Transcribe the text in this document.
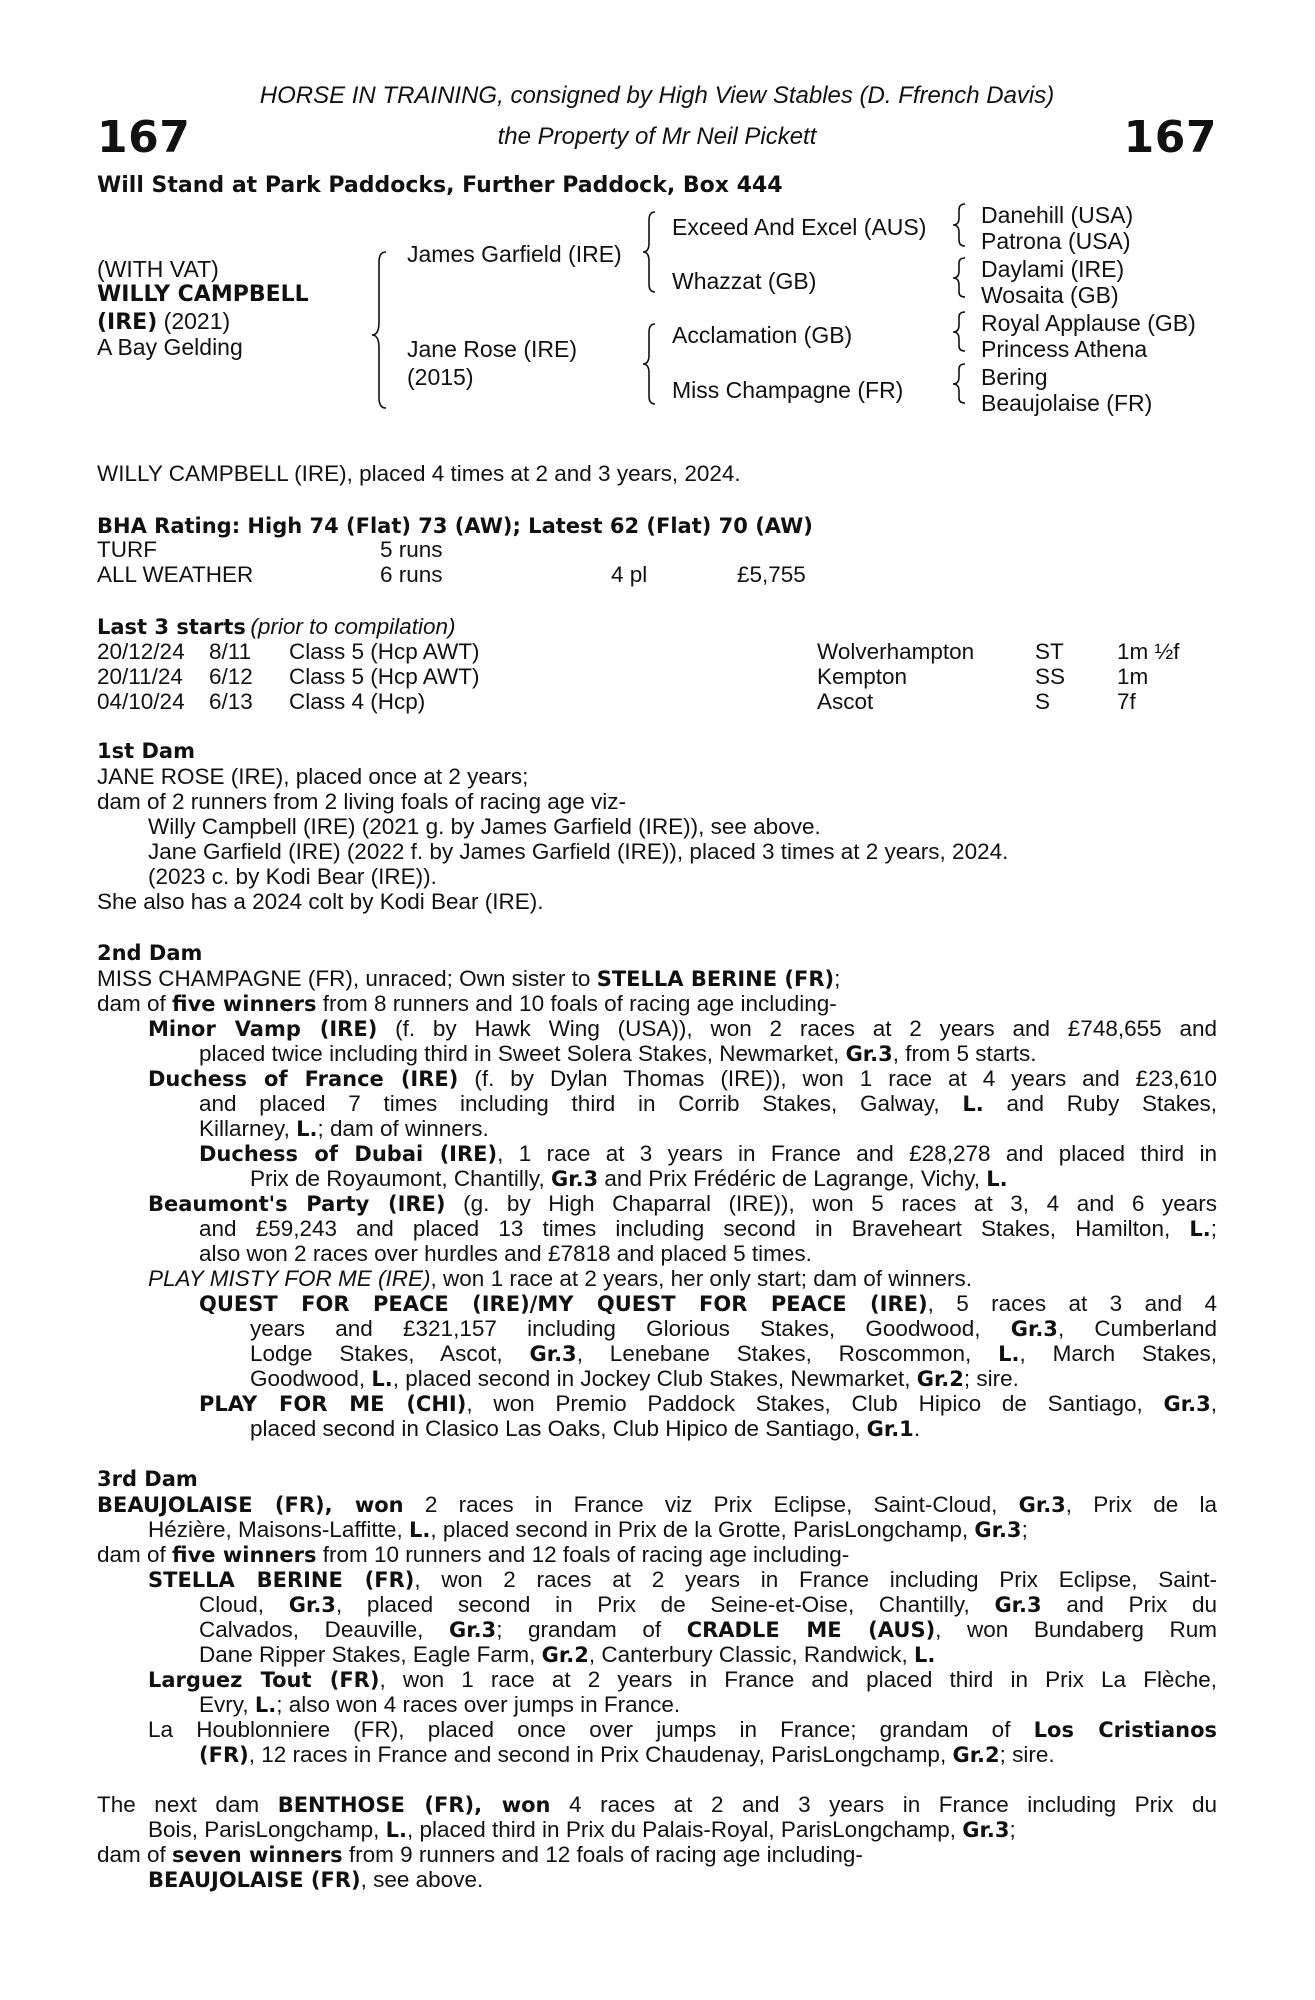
167	167
HORSE IN TRAINING, consigned by High View Stables (D. Ffrench Davis)
the Property of Mr Neil Pickett
Will Stand at Park Paddocks, Further Paddock, Box 444
(WITH VAT)
WILLY CAMPBELL
(IRE) (2021)
A Bay Gelding
James Garfield (IRE)
Jane Rose (IRE)
(2015)
Exceed And Excel (AUS)
Whazzat (GB)
Acclamation (GB)
Miss Champagne (FR)
Danehill (USA)
Patrona (USA)
Daylami (IRE)
Wosaita (GB)
Royal Applause (GB)
Princess Athena
Bering
Beaujolaise (FR)
WILLY CAMPBELL (IRE), placed 4 times at 2 and 3 years, 2024.
BHA Rating: High 74 (Flat) 73 (AW); Latest 62 (Flat) 70 (AW)
TURF	5 runs
ALL WEATHER	6 runs	4 pl	£5,755
Last 3 starts (prior to compilation)
20/12/24 8/11 Class 5 (Hcp AWT)	Wolverhampton	ST 1m ½f
20/11/24 6/12 Class 5 (Hcp AWT)	Kempton	SS 1m
04/10/24 6/13 Class 4 (Hcp)	Ascot	S	7f
1st Dam
JANE ROSE (IRE), placed once at 2 years;
dam of 2 runners from 2 living foals of racing age viz-
Willy Campbell (IRE) (2021 g. by James Garfield (IRE)), see above.
Jane Garfield (IRE) (2022 f. by James Garfield (IRE)), placed 3 times at 2 years, 2024.
(2023 c. by Kodi Bear (IRE)).
She also has a 2024 colt by Kodi Bear (IRE).
2nd Dam
MISS CHAMPAGNE (FR), unraced; Own sister to STELLA BERINE (FR);
dam of five winners from 8 runners and 10 foals of racing age including-
Minor Vamp (IRE) (f. by Hawk Wing (USA)), won 2 races at 2 years and £748,655 and
placed twice including third in Sweet Solera Stakes, Newmarket, Gr.3, from 5 starts.
Duchess of France (IRE) (f. by Dylan Thomas (IRE)), won 1 race at 4 years and £23,610
and placed 7 times including third in Corrib Stakes, Galway, L. and Ruby Stakes,
Killarney, L.; dam of winners.
Duchess of Dubai (IRE), 1 race at 3 years in France and £28,278 and placed third in
Prix de Royaumont, Chantilly, Gr.3 and Prix Frédéric de Lagrange, Vichy, L.
Beaumont's Party (IRE) (g. by High Chaparral (IRE)), won 5 races at 3, 4 and 6 years
and £59,243 and placed 13 times including second in Braveheart Stakes, Hamilton, L.;
also won 2 races over hurdles and £7818 and placed 5 times.
PLAY MISTY FOR ME (IRE), won 1 race at 2 years, her only start; dam of winners.
QUEST FOR PEACE (IRE)/MY QUEST FOR PEACE (IRE), 5 races at 3 and 4
years and £321,157 including Glorious Stakes, Goodwood, Gr.3, Cumberland
Lodge Stakes, Ascot, Gr.3, Lenebane Stakes, Roscommon, L., March Stakes,
Goodwood, L., placed second in Jockey Club Stakes, Newmarket, Gr.2; sire.
PLAY FOR ME (CHI), won Premio Paddock Stakes, Club Hipico de Santiago, Gr.3,
placed second in Clasico Las Oaks, Club Hipico de Santiago, Gr.1.
3rd Dam
BEAUJOLAISE (FR), won 2 races in France viz Prix Eclipse, Saint-Cloud, Gr.3, Prix de la
Hézière, Maisons-Laffitte, L., placed second in Prix de la Grotte, ParisLongchamp, Gr.3;
dam of five winners from 10 runners and 12 foals of racing age including-
STELLA BERINE (FR), won 2 races at 2 years in France including Prix Eclipse, Saint-
Cloud, Gr.3, placed second in Prix de Seine-et-Oise, Chantilly, Gr.3 and Prix du
Calvados, Deauville, Gr.3; grandam of CRADLE ME (AUS), won Bundaberg Rum
Dane Ripper Stakes, Eagle Farm, Gr.2, Canterbury Classic, Randwick, L.
Larguez Tout (FR), won 1 race at 2 years in France and placed third in Prix La Flèche,
Evry, L.; also won 4 races over jumps in France.
La Houblonniere (FR), placed once over jumps in France; grandam of Los Cristianos
(FR), 12 races in France and second in Prix Chaudenay, ParisLongchamp, Gr.2; sire.
The next dam BENTHOSE (FR), won 4 races at 2 and 3 years in France including Prix du
Bois, ParisLongchamp, L., placed third in Prix du Palais-Royal, ParisLongchamp, Gr.3;
dam of seven winners from 9 runners and 12 foals of racing age including-
BEAUJOLAISE (FR), see above.
